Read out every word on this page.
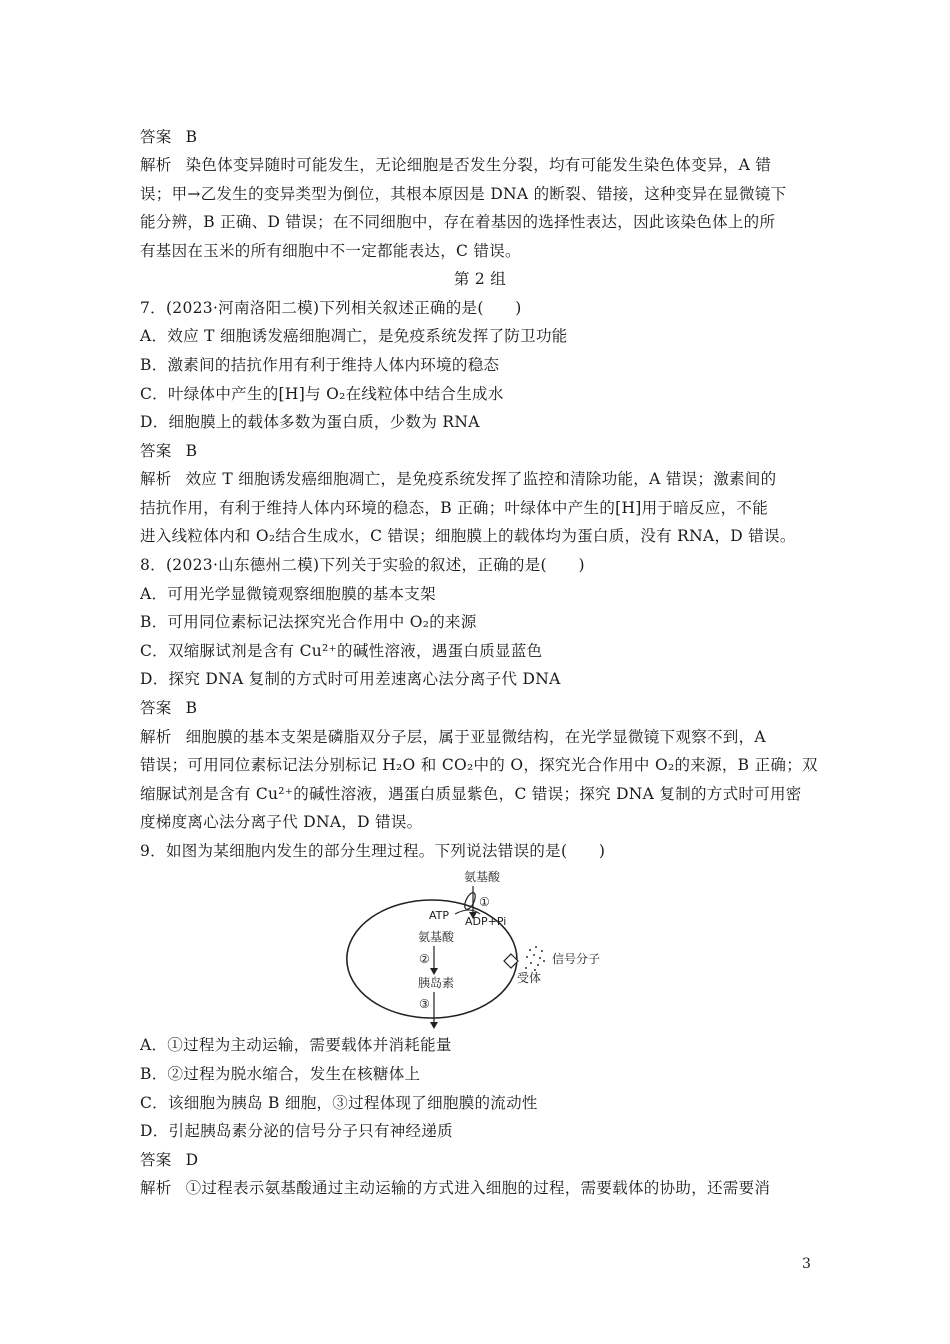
答案 B
解析 染色体变异随时可能发生，无论细胞是否发生分裂，均有可能发生染色体变异，A 错
误；甲→乙发生的变异类型为倒位，其根本原因是 DNA 的断裂、错接，这种变异在显微镜下
能分辨，B 正确、D 错误；在不同细胞中，存在着基因的选择性表达，因此该染色体上的所
有基因在玉米的所有细胞中不一定都能表达，C 错误。
第 2 组
7．(2023·河南洛阳二模)下列相关叙述正确的是(　　)
A．效应 T 细胞诱发癌细胞凋亡，是免疫系统发挥了防卫功能
B．激素间的拮抗作用有利于维持人体内环境的稳态
C．叶绿体中产生的[H]与 O₂在线粒体中结合生成水
D．细胞膜上的载体多数为蛋白质，少数为 RNA
答案 B
解析 效应 T 细胞诱发癌细胞凋亡，是免疫系统发挥了监控和清除功能，A 错误；激素间的
拮抗作用，有利于维持人体内环境的稳态，B 正确；叶绿体中产生的[H]用于暗反应，不能
进入线粒体内和 O₂结合生成水，C 错误；细胞膜上的载体均为蛋白质，没有 RNA，D 错误。
8．(2023·山东德州二模)下列关于实验的叙述，正确的是(　　)
A．可用光学显微镜观察细胞膜的基本支架
B．可用同位素标记法探究光合作用中 O₂的来源
C．双缩脲试剂是含有 Cu²⁺的碱性溶液，遇蛋白质显蓝色
D．探究 DNA 复制的方式时可用差速离心法分离子代 DNA
答案 B
解析 细胞膜的基本支架是磷脂双分子层，属于亚显微结构，在光学显微镜下观察不到，A
错误；可用同位素标记法分别标记 H₂O 和 CO₂中的 O，探究光合作用中 O₂的来源，B 正确；双
缩脲试剂是含有 Cu²⁺的碱性溶液，遇蛋白质显紫色，C 错误；探究 DNA 复制的方式时可用密
度梯度离心法分离子代 DNA，D 错误。
9．如图为某细胞内发生的部分生理过程。下列说法错误的是(　　)
氨基酸
①
ATP ADP+Pi
氨基酸
②
胰岛素
③
受体
信号分子
A．①过程为主动运输，需要载体并消耗能量
B．②过程为脱水缩合，发生在核糖体上
C．该细胞为胰岛 B 细胞，③过程体现了细胞膜的流动性
D．引起胰岛素分泌的信号分子只有神经递质
答案 D
解析 ①过程表示氨基酸通过主动运输的方式进入细胞的过程，需要载体的协助，还需要消
3
